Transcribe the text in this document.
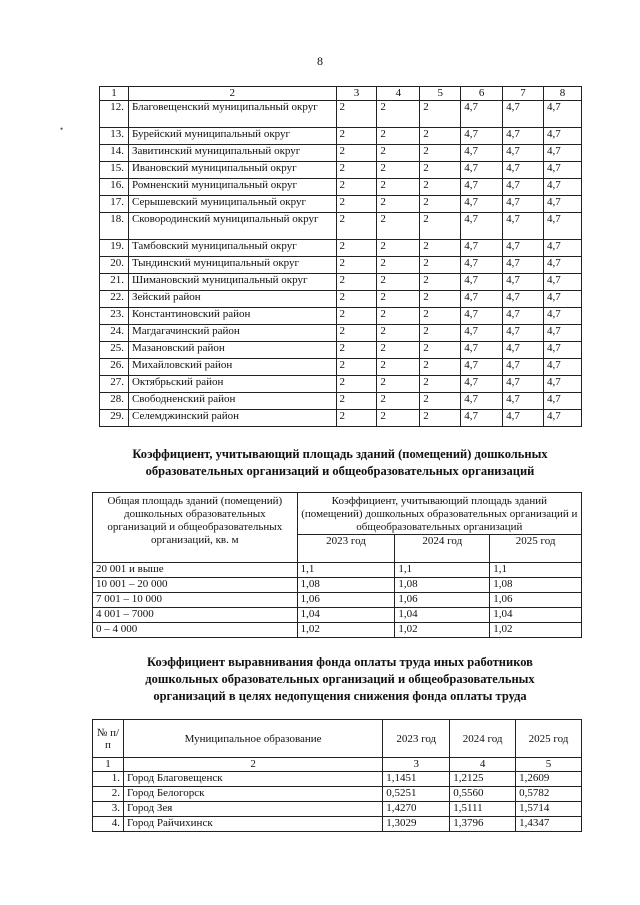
8
•
1	2	3	4	5	6	7	8
12.	Благовещенский муниципальный округ	2	2	2	4,7	4,7	4,7
13.	Бурейский муниципальный округ	2	2	2	4,7	4,7	4,7
14.	Завитинский муниципальный округ	2	2	2	4,7	4,7	4,7
15.	Ивановский муниципальный округ	2	2	2	4,7	4,7	4,7
16.	Ромненский муниципальный округ	2	2	2	4,7	4,7	4,7
17.	Серышевский муниципальный округ	2	2	2	4,7	4,7	4,7
18.	Сковородинский муниципальный округ	2	2	2	4,7	4,7	4,7
19.	Тамбовский муниципальный округ	2	2	2	4,7	4,7	4,7
20.	Тындинский муниципальный округ	2	2	2	4,7	4,7	4,7
21.	Шимановский муниципальный округ	2	2	2	4,7	4,7	4,7
22.	Зейский район	2	2	2	4,7	4,7	4,7
23.	Константиновский район	2	2	2	4,7	4,7	4,7
24.	Магдагачинский район	2	2	2	4,7	4,7	4,7
25.	Мазановский район	2	2	2	4,7	4,7	4,7
26.	Михайловский район	2	2	2	4,7	4,7	4,7
27.	Октябрьский район	2	2	2	4,7	4,7	4,7
28.	Свободненский район	2	2	2	4,7	4,7	4,7
29.	Селемджинский район	2	2	2	4,7	4,7	4,7
Коэффициент, учитывающий площадь зданий (помещений) дошкольных
образовательных организаций и общеобразовательных организаций
Общая площадь зданий (помещений) дошкольных образовательных организаций и общеобразовательных организаций, кв. м	Коэффициент, учитывающий площадь зданий (помещений) дошкольных образовательных организаций и общеобразовательных организаций		
	2023 год	2024 год	2025 год
20 001 и выше	1,1	1,1	1,1
10 001 – 20 000	1,08	1,08	1,08
7 001 – 10 000	1,06	1,06	1,06
4 001 – 7000	1,04	1,04	1,04
0 – 4 000	1,02	1,02	1,02
Коэффициент выравнивания фонда оплаты труда иных работников
дошкольных образовательных организаций и общеобразовательных
организаций в целях недопущения снижения фонда оплаты труда
№ п/п	Муниципальное образование	2023 год	2024 год	2025 год
1	2	3	4	5
1.	Город Благовещенск	1,1451	1,2125	1,2609
2.	Город Белогорск	0,5251	0,5560	0,5782
3.	Город Зея	1,4270	1,5111	1,5714
4.	Город Райчихинск	1,3029	1,3796	1,4347
